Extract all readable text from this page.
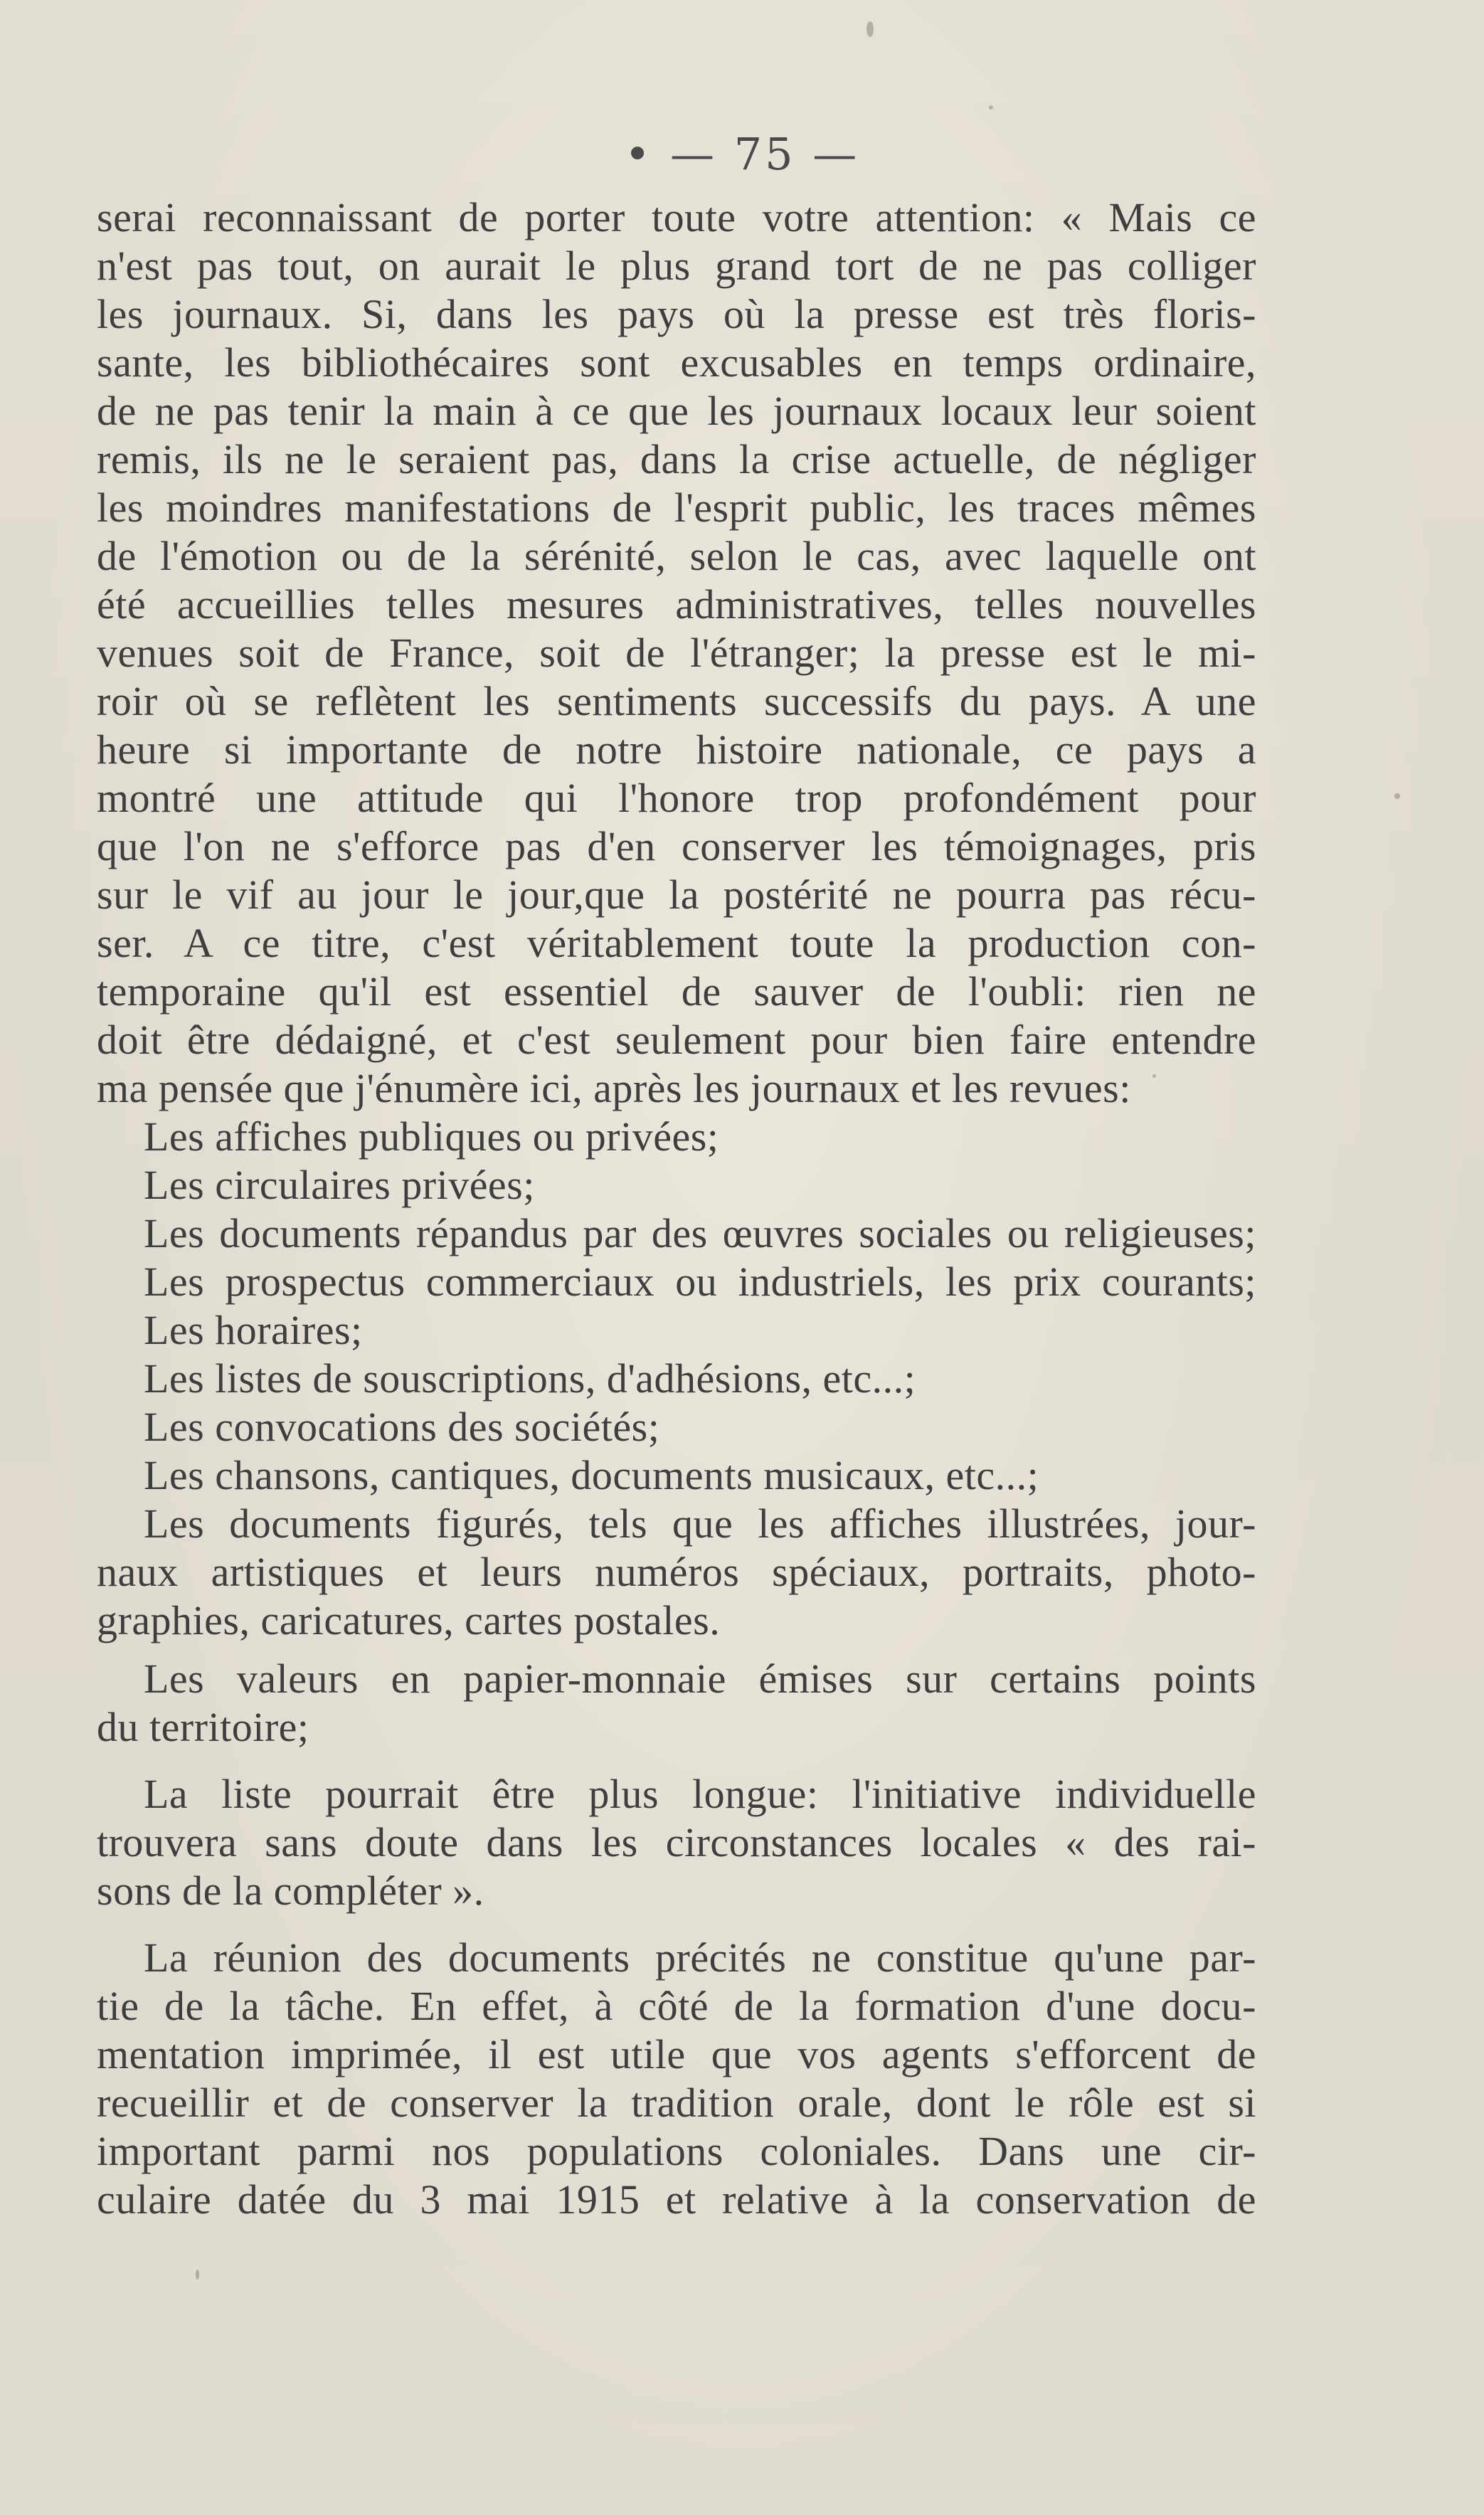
• — 75 —
serai reconnaissant de porter toute votre attention: « Mais ce
n'est pas tout, on aurait le plus grand tort de ne pas colliger
les journaux. Si, dans les pays où la presse est très floris-
sante, les bibliothécaires sont excusables en temps ordinaire,
de ne pas tenir la main à ce que les journaux locaux leur soient
remis, ils ne le seraient pas, dans la crise actuelle, de négliger
les moindres manifestations de l'esprit public, les traces mêmes
de l'émotion ou de la sérénité, selon le cas, avec laquelle ont
été accueillies telles mesures administratives, telles nouvelles
venues soit de France, soit de l'étranger; la presse est le mi-
roir où se reflètent les sentiments successifs du pays. A une
heure si importante de notre histoire nationale, ce pays a
montré une attitude qui l'honore trop profondément pour
que l'on ne s'efforce pas d'en conserver les témoignages, pris
sur le vif au jour le jour,que la postérité ne pourra pas récu-
ser. A ce titre, c'est véritablement toute la production con-
temporaine qu'il est essentiel de sauver de l'oubli: rien ne
doit être dédaigné, et c'est seulement pour bien faire entendre
ma pensée que j'énumère ici, après les journaux et les revues:
Les affiches publiques ou privées;
Les circulaires privées;
Les documents répandus par des œuvres sociales ou religieuses;
Les prospectus commerciaux ou industriels, les prix courants;
Les horaires;
Les listes de souscriptions, d'adhésions, etc...;
Les convocations des sociétés;
Les chansons, cantiques, documents musicaux, etc...;
Les documents figurés, tels que les affiches illustrées, jour-
naux artistiques et leurs numéros spéciaux, portraits, photo-
graphies, caricatures, cartes postales.
Les valeurs en papier-monnaie émises sur certains points
du territoire;
La liste pourrait être plus longue: l'initiative individuelle
trouvera sans doute dans les circonstances locales « des rai-
sons de la compléter ».
La réunion des documents précités ne constitue qu'une par-
tie de la tâche. En effet, à côté de la formation d'une docu-
mentation imprimée, il est utile que vos agents s'efforcent de
recueillir et de conserver la tradition orale, dont le rôle est si
important parmi nos populations coloniales. Dans une cir-
culaire datée du 3 mai 1915 et relative à la conservation de
